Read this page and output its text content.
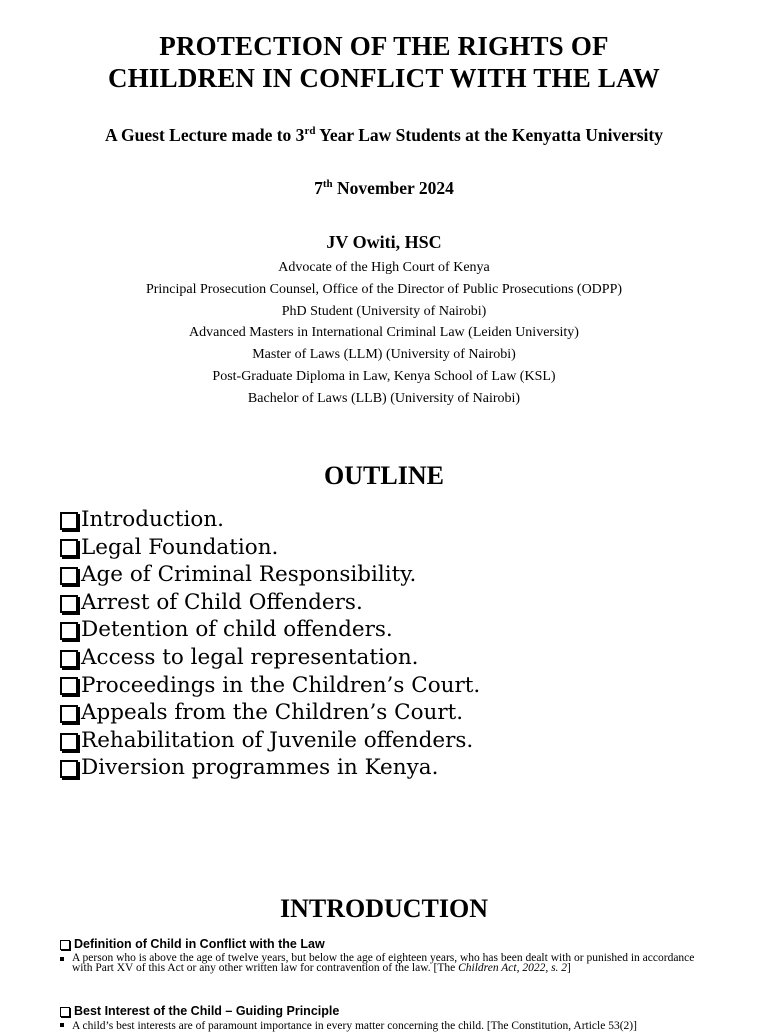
PROTECTION OF THE RIGHTS OF
CHILDREN IN CONFLICT WITH THE LAW
A Guest Lecture made to 3rd Year Law Students at the Kenyatta University
7th November 2024
JV Owiti, HSC
Advocate of the High Court of Kenya
Principal Prosecution Counsel, Office of the Director of Public Prosecutions (ODPP)
PhD Student (University of Nairobi)
Advanced Masters in International Criminal Law (Leiden University)
Master of Laws (LLM) (University of Nairobi)
Post-Graduate Diploma in Law, Kenya School of Law (KSL)
Bachelor of Laws (LLB) (University of Nairobi)
OUTLINE
Introduction.
Legal Foundation.
Age of Criminal Responsibility.
Arrest of Child Offenders.
Detention of child offenders.
Access to legal representation.
Proceedings in the Children’s Court.
Appeals from the Children’s Court.
Rehabilitation of Juvenile offenders.
Diversion programmes in Kenya.
INTRODUCTION
Definition of Child in Conflict with the Law
A person who is above the age of twelve years, but below the age of eighteen years, who has been dealt with or punished in accordance with Part XV of this Act or any other written law for contravention of the law. [The Children Act, 2022, s. 2]
Best Interest of the Child – Guiding Principle
A child’s best interests are of paramount importance in every matter concerning the child. [The Constitution, Article 53(2)]
